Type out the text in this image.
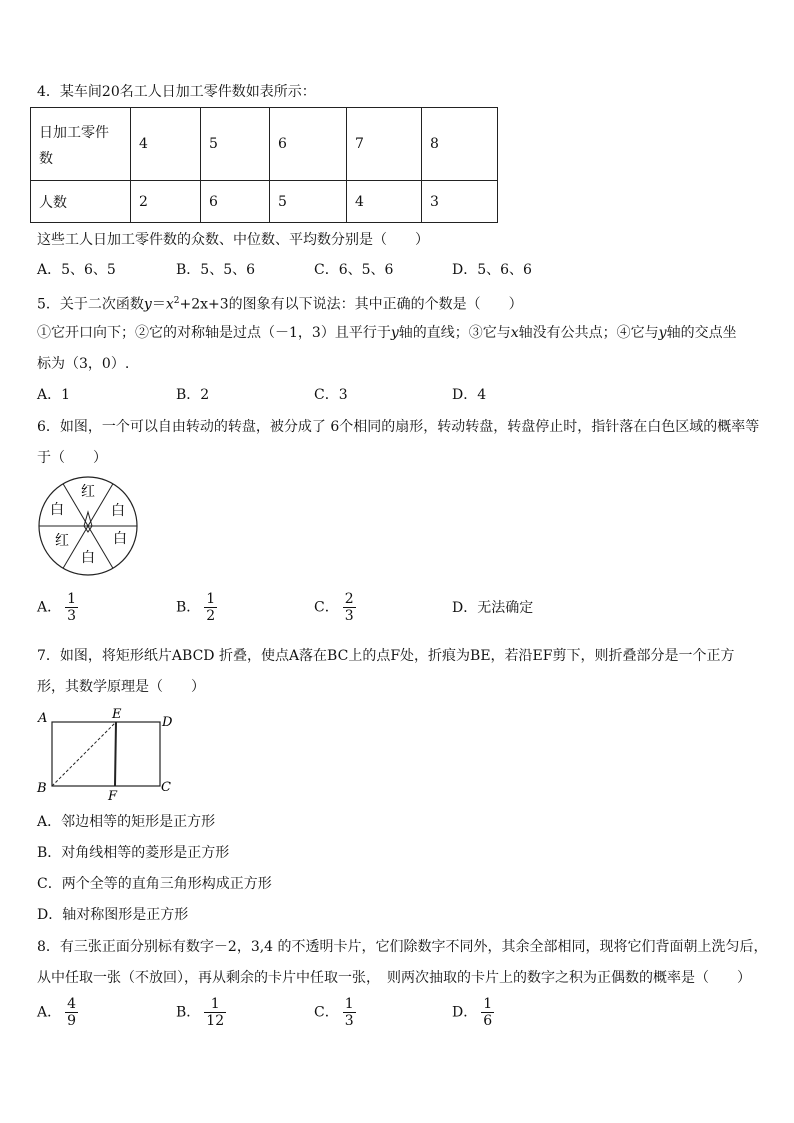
4．某车间20名工人日加工零件数如表所示：
日加工零件
数	4	5	6	7	8
人数	2	6	5	4	3
这些工人日加工零件数的众数、中位数、平均数分别是（　　）
A．5、6、5	B．5、5、6	C．6、5、6	D．5、6、6
5．关于二次函数$y=x^2+2x+3$的图象有以下说法：其中正确的个数是（　　）
①它开口向下；②它的对称轴是过点（－1，3）且平行于y轴的直线；③它与x轴没有公共点；④它与y轴的交点坐
标为（3，0）.
A．1	B．2	C．3	D．4
6．如图，一个可以自由转动的转盘，被分成了 6个相同的扇形，转动转盘，转盘停止时，指针落在白色区域的概率等
于（　　）
红
白
白
白
红
白
A． $\frac{1}{3}$	B． $\frac{1}{2}$	C． $\frac{2}{3}$	D．无法确定
7．如图，将矩形纸片ABCD 折叠，使点A落在BC上的点F处，折痕为BE，若沿EF剪下，则折叠部分是一个正方
形，其数学原理是（　　）
A	E
D
B
F
C
A．邻边相等的矩形是正方形
B．对角线相等的菱形是正方形
C．两个全等的直角三角形构成正方形
D．轴对称图形是正方形
8．有三张正面分别标有数字－2，3,4 的不透明卡片，它们除数字不同外，其余全部相同，现将它们背面朝上洗匀后，
从中任取一张（不放回），再从剩余的卡片中任取一张，　则两次抽取的卡片上的数字之积为正偶数的概率是（　　）
A． $\frac{4}{9}$	B． $\frac{1}{12}$	C． $\frac{1}{3}$	D． $\frac{1}{6}$
